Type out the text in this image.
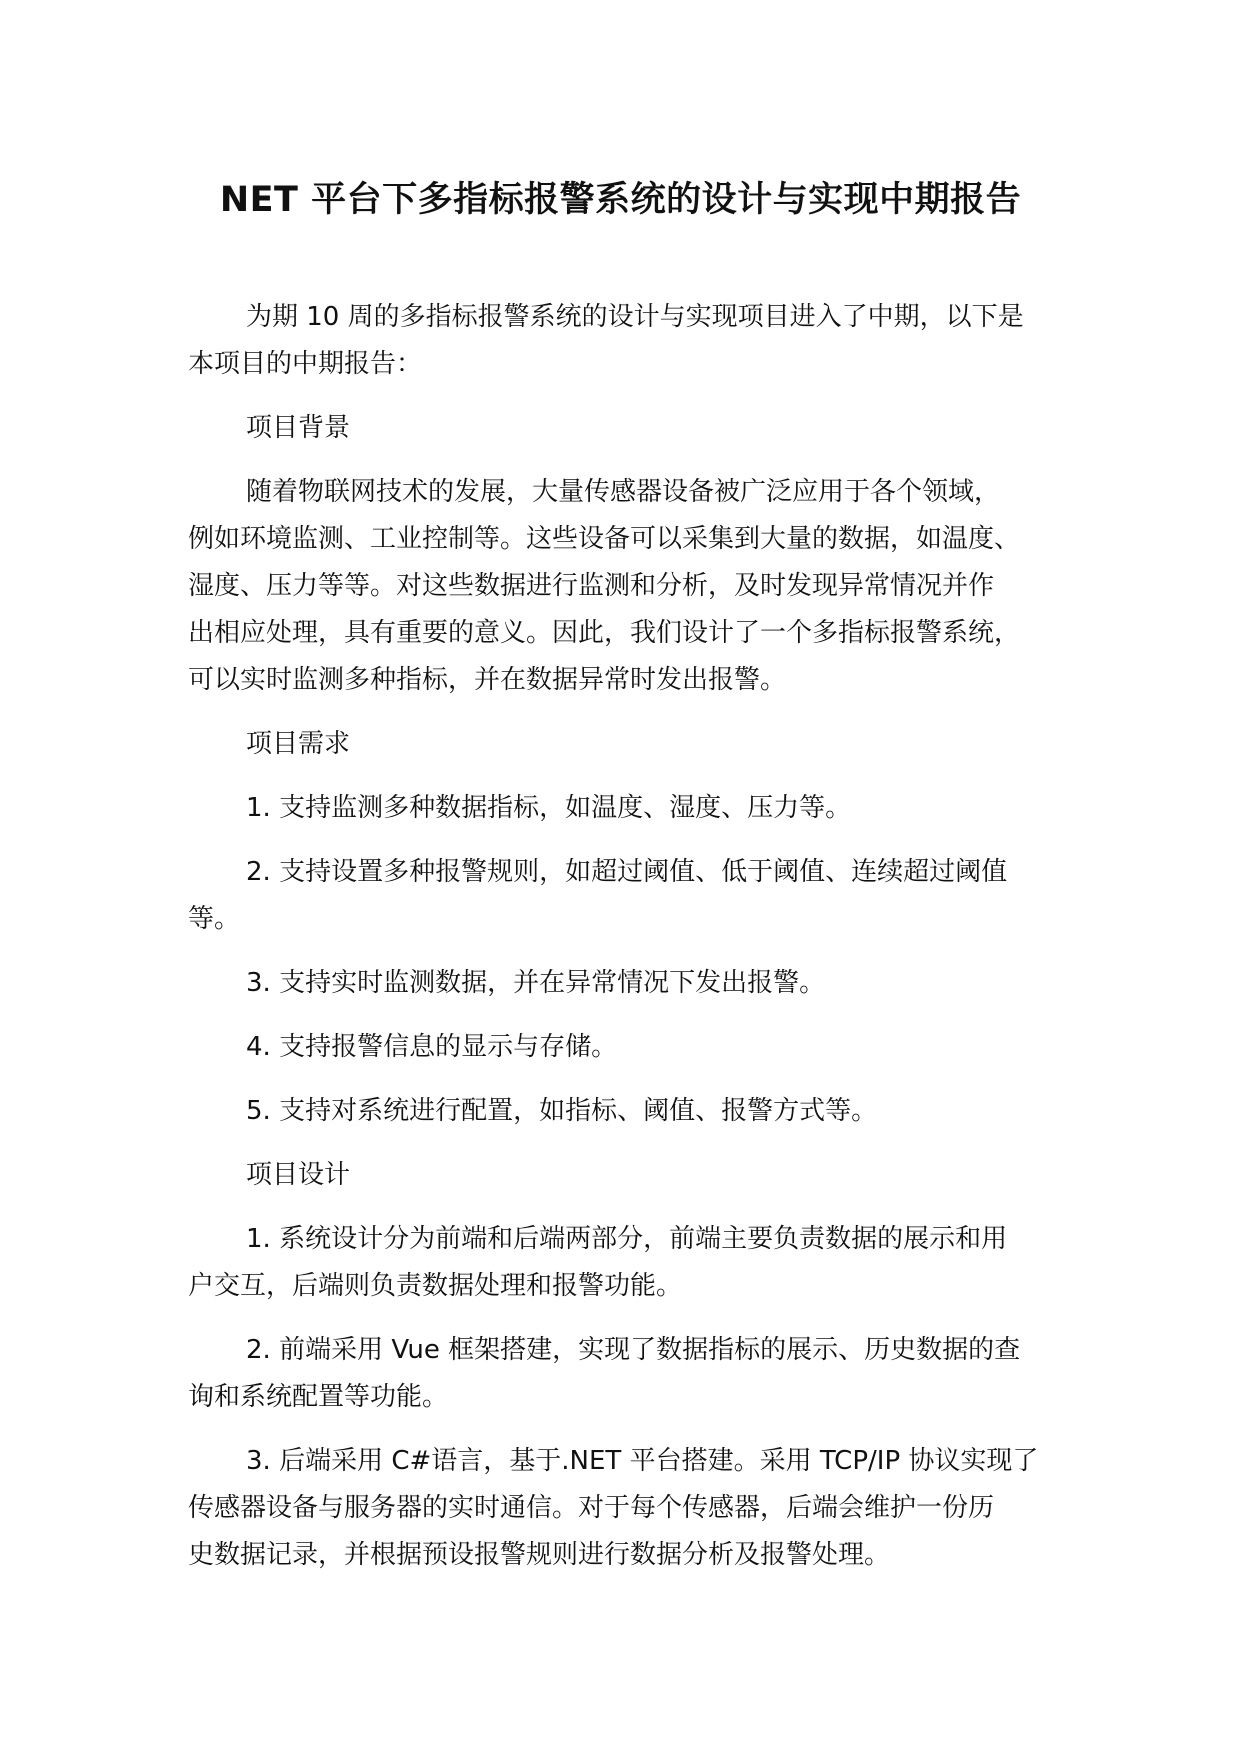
NET 平台下多指标报警系统的设计与实现中期报告

为期 10 周的多指标报警系统的设计与实现项目进入了中期，以下是
本项目的中期报告：

项目背景

随着物联网技术的发展，大量传感器设备被广泛应用于各个领域，
例如环境监测、工业控制等。这些设备可以采集到大量的数据，如温度、
湿度、压力等等。对这些数据进行监测和分析，及时发现异常情况并作
出相应处理，具有重要的意义。因此，我们设计了一个多指标报警系统，
可以实时监测多种指标，并在数据异常时发出报警。

项目需求

1. 支持监测多种数据指标，如温度、湿度、压力等。

2. 支持设置多种报警规则，如超过阈值、低于阈值、连续超过阈值
等。

3. 支持实时监测数据，并在异常情况下发出报警。

4. 支持报警信息的显示与存储。

5. 支持对系统进行配置，如指标、阈值、报警方式等。

项目设计

1. 系统设计分为前端和后端两部分，前端主要负责数据的展示和用
户交互，后端则负责数据处理和报警功能。

2. 前端采用 Vue 框架搭建，实现了数据指标的展示、历史数据的查
询和系统配置等功能。

3. 后端采用 C#语言，基于.NET 平台搭建。采用 TCP/IP 协议实现了
传感器设备与服务器的实时通信。对于每个传感器，后端会维护一份历
史数据记录，并根据预设报警规则进行数据分析及报警处理。
